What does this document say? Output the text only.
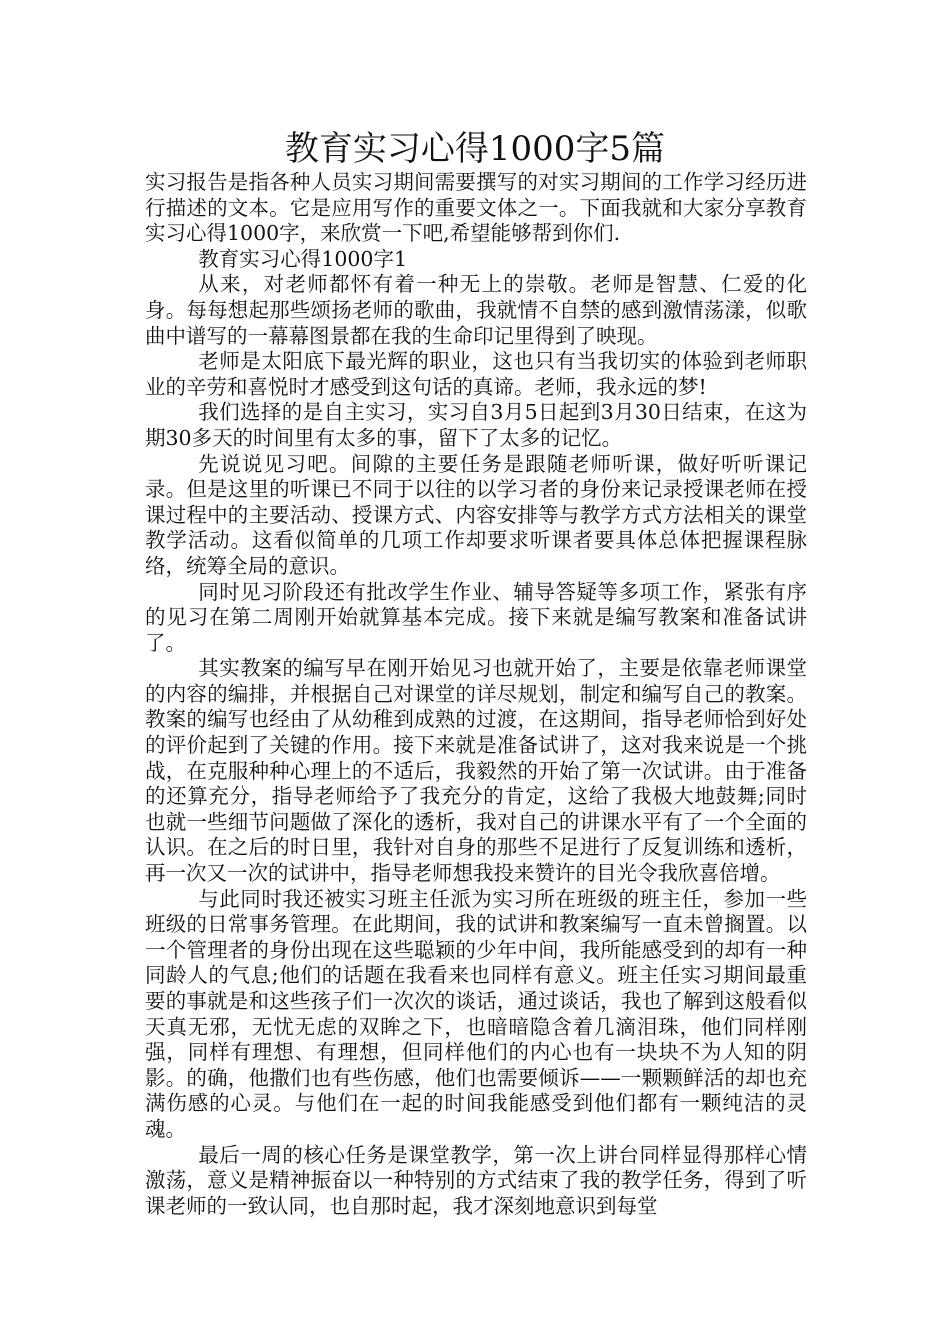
教育实习心得1000字5篇

实习报告是指各种人员实习期间需要撰写的对实习期间的工作学习经历进行描述的文本。它是应用写作的重要文体之一。下面我就和大家分享教育实习心得1000字，来欣赏一下吧,希望能够帮到你们.

教育实习心得1000字1

从来，对老师都怀有着一种无上的崇敬。老师是智慧、仁爱的化身。每每想起那些颂扬老师的歌曲，我就情不自禁的感到激情荡漾，似歌曲中谱写的一幕幕图景都在我的生命印记里得到了映现。

老师是太阳底下最光辉的职业，这也只有当我切实的体验到老师职业的辛劳和喜悦时才感受到这句话的真谛。老师，我永远的梦!

我们选择的是自主实习，实习自3月5日起到3月30日结束，在这为期30多天的时间里有太多的事，留下了太多的记忆。

先说说见习吧。间隙的主要任务是跟随老师听课，做好听听课记录。但是这里的听课已不同于以往的以学习者的身份来记录授课老师在授课过程中的主要活动、授课方式、内容安排等与教学方式方法相关的课堂教学活动。这看似简单的几项工作却要求听课者要具体总体把握课程脉络，统筹全局的意识。

同时见习阶段还有批改学生作业、辅导答疑等多项工作，紧张有序的见习在第二周刚开始就算基本完成。接下来就是编写教案和准备试讲了。

其实教案的编写早在刚开始见习也就开始了，主要是依靠老师课堂的内容的编排，并根据自己对课堂的详尽规划，制定和编写自己的教案。教案的编写也经由了从幼稚到成熟的过渡，在这期间，指导老师恰到好处的评价起到了关键的作用。接下来就是准备试讲了，这对我来说是一个挑战，在克服种种心理上的不适后，我毅然的开始了第一次试讲。由于准备的还算充分，指导老师给予了我充分的肯定，这给了我极大地鼓舞;同时也就一些细节问题做了深化的透析，我对自己的讲课水平有了一个全面的认识。在之后的时日里，我针对自身的那些不足进行了反复训练和透析，再一次又一次的试讲中，指导老师想我投来赞许的目光令我欣喜倍增。

与此同时我还被实习班主任派为实习所在班级的班主任，参加一些班级的日常事务管理。在此期间，我的试讲和教案编写一直未曾搁置。以一个管理者的身份出现在这些聪颖的少年中间，我所能感受到的却有一种同龄人的气息;他们的话题在我看来也同样有意义。班主任实习期间最重要的事就是和这些孩子们一次次的谈话，通过谈话，我也了解到这般看似天真无邪，无忧无虑的双眸之下，也暗暗隐含着几滴泪珠，他们同样刚强，同样有理想、有理想，但同样他们的内心也有一块块不为人知的阴影。的确，他撒们也有些伤感，他们也需要倾诉——一颗颗鲜活的却也充满伤感的心灵。与他们在一起的时间我能感受到他们都有一颗纯洁的灵魂。

最后一周的核心任务是课堂教学，第一次上讲台同样显得那样心情激荡，意义是精神振奋以一种特别的方式结束了我的教学任务，得到了听课老师的一致认同，也自那时起，我才深刻地意识到每堂
